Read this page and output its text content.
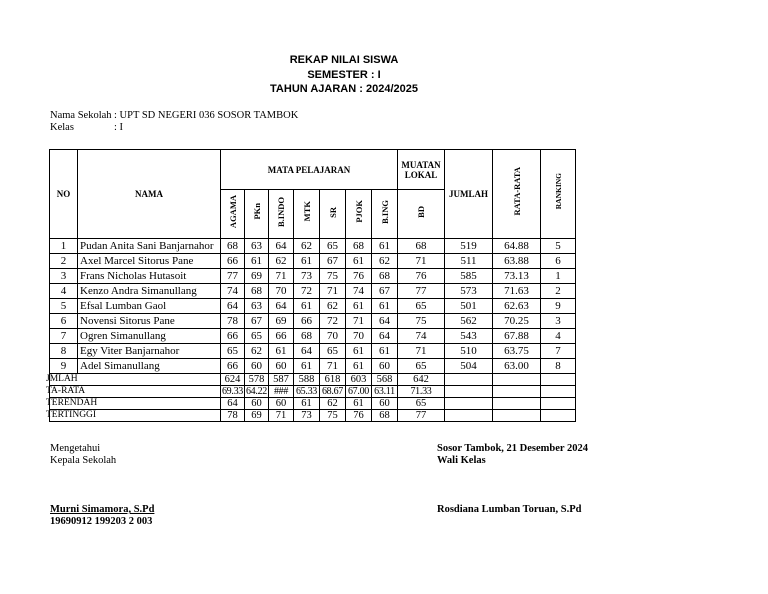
REKAP NILAI SISWA
SEMESTER : I
TAHUN AJARAN : 2024/2025
Nama Sekolah : UPT SD NEGERI 036 SOSOR TAMBOK
Kelas	: I
NO	NAMA	MATA PELAJARAN							MUATAN LOKAL	JUMLAH	RATA-RATA	RANKING
		AGAMA	PKn	B.INDO	MTK	SR	PJOK	B.ING	BD			
1	Pudan Anita Sani Banjarnahor	68	63	64	62	65	68	61	68	519	64.88	5
2	Axel Marcel Sitorus Pane	66	61	62	61	67	61	62	71	511	63.88	6
3	Frans Nicholas Hutasoit	77	69	71	73	75	76	68	76	585	73.13	1
4	Kenzo Andra Simanullang	74	68	70	72	71	74	67	77	573	71.63	2
5	Efsal Lumban Gaol	64	63	64	61	62	61	61	65	501	62.63	9
6	Novensi Sitorus Pane	78	67	69	66	72	71	64	75	562	70.25	3
7	Ogren Simanullang	66	65	66	68	70	70	64	74	543	67.88	4
8	Egy Viter Banjarnahor	65	62	61	64	65	61	61	71	510	63.75	7
9	Adel Simanullang	66	60	60	61	71	61	60	65	504	63.00	8

JMLAH		624	578	587	588	618	603	568	642			

TA-RATA		69.33	64.22	###	65.33	68.67	67.00	63.11	71.33			

TERENDAH		64	60	60	61	62	61	60	65			

TERTINGGI		78	69	71	73	75	76	68	77			
Mengetahui
Kepala Sekolah
Murni Simamora, S.Pd
19690912 199203 2 003
Sosor Tambok, 21 Desember 2024
Wali Kelas
Rosdiana Lumban Toruan, S.Pd
